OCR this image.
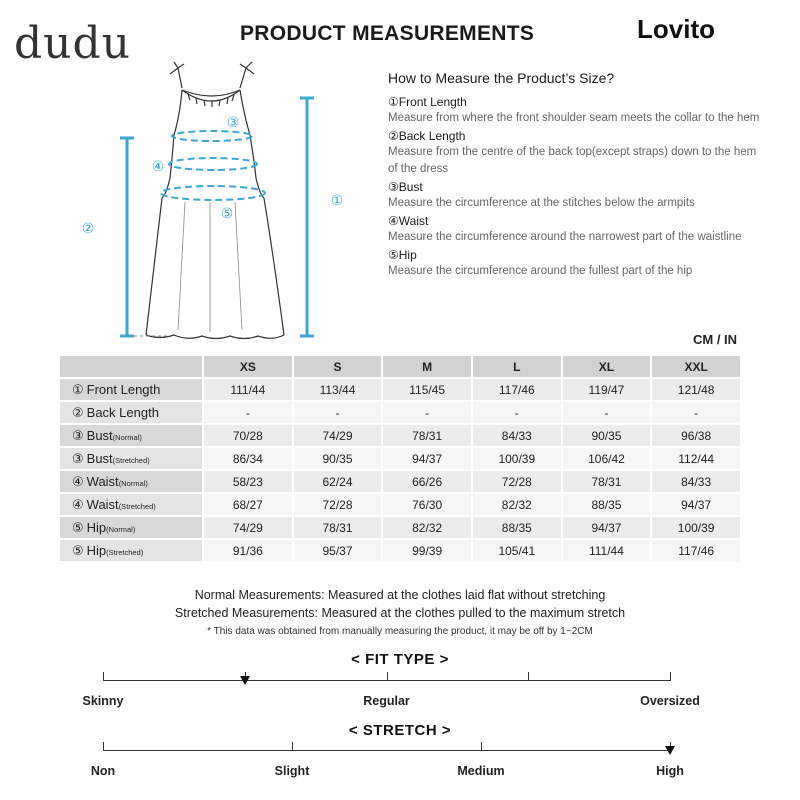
dudu	PRODUCT MEASUREMENTS	Lovito
①
②
③
④
⑤
How to Measure the Product’s Size?
①Front Length
Measure from where the front shoulder seam meets the collar to the hem
②Back Length
Measure from the centre of the back top(except straps) down to the hem of the dress
③Bust
Measure the circumference at the stitches below the armpits
④Waist
Measure the circumference around the narrowest part of the waistline
⑤Hip
Measure the circumference around the fullest part of the hip
CM / IN
	XS	S	M	L	XL	XXL
① Front Length	111/44	113/44	115/45	117/46	119/47	121/48
② Back Length	-	-	-	-	-	-
③ Bust(Normal)	70/28	74/29	78/31	84/33	90/35	96/38
③ Bust(Stretched)	86/34	90/35	94/37	100/39	106/42	112/44
④ Waist(Normal)	58/23	62/24	66/26	72/28	78/31	84/33
④ Waist(Stretched)	68/27	72/28	76/30	82/32	88/35	94/37
⑤ Hip(Normal)	74/29	78/31	82/32	88/35	94/37	100/39
⑤ Hip(Stretched)	91/36	95/37	99/39	105/41	111/44	117/46
Normal Measurements: Measured at the clothes laid flat without stretching
Stretched Measurements: Measured at the clothes pulled to the maximum stretch
* This data was obtained from manually measuring the product, it may be off by 1~2CM
< FIT TYPE >
Skinny	Regular	Oversized
< STRETCH >
Non	Slight	Medium	High
